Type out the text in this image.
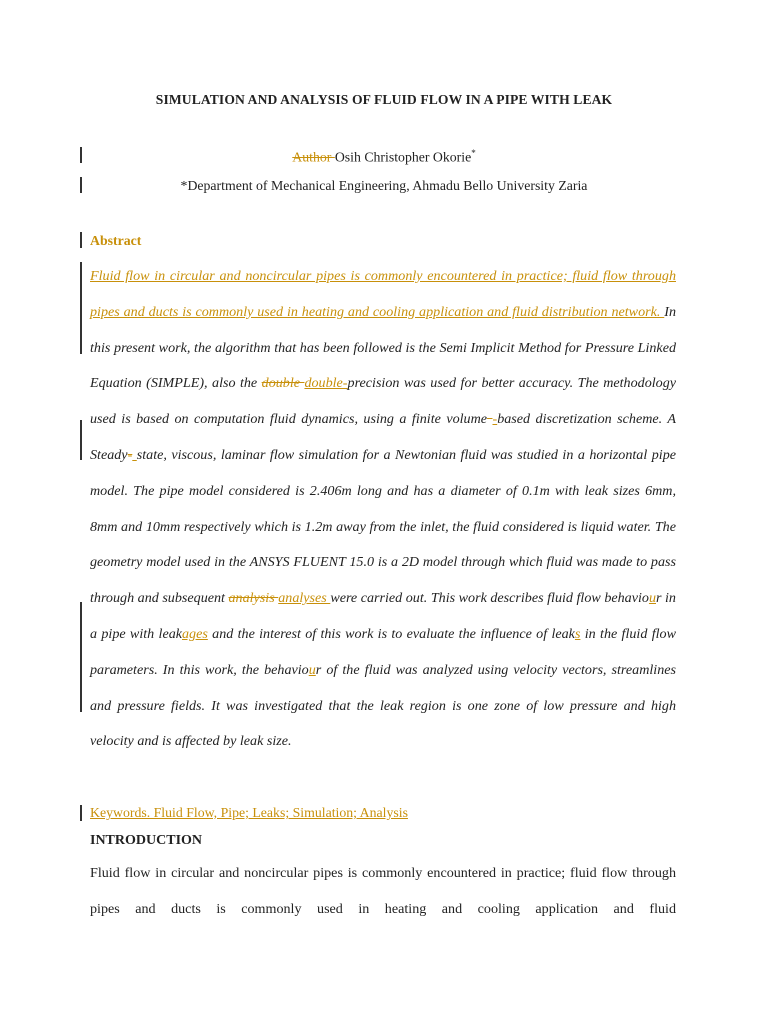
SIMULATION AND ANALYSIS OF FLUID FLOW IN A PIPE WITH LEAK
Author Osih Christopher Okorie*
*Department of Mechanical Engineering, Ahmadu Bello University Zaria
Abstract
Fluid flow in circular and noncircular pipes is commonly encountered in practice; fluid flow through pipes and ducts is commonly used in heating and cooling application and fluid distribution network. In this present work, the algorithm that has been followed is the Semi Implicit Method for Pressure Linked Equation (SIMPLE), also the double double-precision was used for better accuracy. The methodology used is based on computation fluid dynamics, using a finite volume -based discretization scheme. A Steady- state, viscous, laminar flow simulation for a Newtonian fluid was studied in a horizontal pipe model. The pipe model considered is 2.406m long and has a diameter of 0.1m with leak sizes 6mm, 8mm and 10mm respectively which is 1.2m away from the inlet, the fluid considered is liquid water. The geometry model used in the ANSYS FLUENT 15.0 is a 2D model through which fluid was made to pass through and subsequent analysis analyses were carried out. This work describes fluid flow behaviour in a pipe with leakages and the interest of this work is to evaluate the influence of leaks in the fluid flow parameters. In this work, the behaviour of the fluid was analyzed using velocity vectors, streamlines and pressure fields. It was investigated that the leak region is one zone of low pressure and high velocity and is affected by leak size.
Keywords. Fluid Flow, Pipe; Leaks; Simulation; Analysis
INTRODUCTION
Fluid flow in circular and noncircular pipes is commonly encountered in practice; fluid flow through pipes and ducts is commonly used in heating and cooling application and fluid
